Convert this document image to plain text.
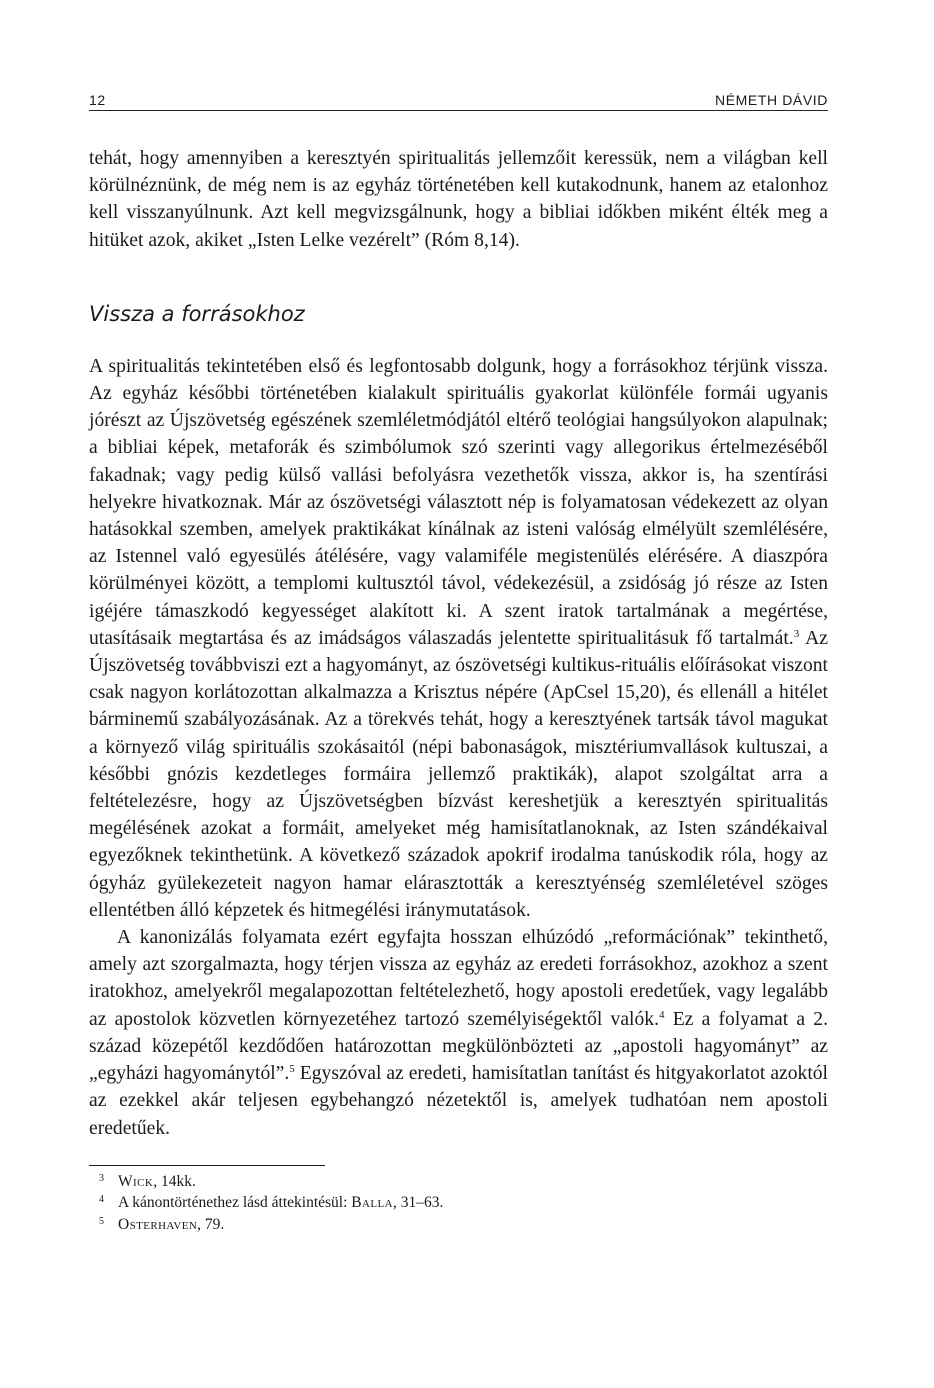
12	NÉMETH DÁVID

tehát, hogy amennyiben a keresztyén spiritualitás jellemzőit keressük, nem a világban kell körülnéznünk, de még nem is az egyház történetében kell kutakodnunk, hanem az etalonhoz kell visszanyúlnunk. Azt kell megvizsgálnunk, hogy a bibliai időkben miként élték meg a hitüket azok, akiket „Isten Lelke vezérelt” (Róm 8,14).

Vissza a forrásokhoz

A spiritualitás tekintetében első és legfontosabb dolgunk, hogy a forrásokhoz térjünk vissza. Az egyház későbbi történetében kialakult spirituális gyakorlat különféle formái ugyanis jórészt az Újszövetség egészének szemléletmódjától eltérő teológiai hangsúlyokon alapulnak; a bibliai képek, metaforák és szimbólumok szó szerinti vagy allegorikus értelmezéséből fakadnak; vagy pedig külső vallási befolyásra vezethetők vissza, akkor is, ha szentírási helyekre hivatkoznak. Már az ószövetségi választott nép is folyamatosan védekezett az olyan hatásokkal szemben, amelyek praktikákat kínálnak az isteni valóság elmélyült szemlélésére, az Istennel való egyesülés átélésére, vagy valamiféle megistenülés elérésére. A diaszpóra körülményei között, a templomi kultusztól távol, védekezésül, a zsidóság jó része az Isten igéjére támaszkodó kegyességet alakított ki. A szent iratok tartalmának a megértése, utasításaik megtartása és az imádságos válaszadás jelentette spiritualitásuk fő tartalmát.$^3$ Az Újszövetség továbbviszi ezt a hagyományt, az ószövetségi kultikus-rituális előírásokat viszont csak nagyon korlátozottan alkalmazza a Krisztus népére (ApCsel 15,20), és ellenáll a hitélet bárminemű szabályozásának. Az a törekvés tehát, hogy a keresztyének tartsák távol magukat a környező világ spirituális szokásaitól (népi babonaságok, misztériumvallások kultuszai, a későbbi gnózis kezdetleges formáira jellemző praktikák), alapot szolgáltat arra a feltételezésre, hogy az Újszövetségben bízvást kereshetjük a keresztyén spiritualitás megélésének azokat a formáit, amelyeket még hamisítatlanoknak, az Isten szándékaival egyezőknek tekinthetünk. A következő századok apokrif irodalma tanúskodik róla, hogy az ógyház gyülekezeteit nagyon hamar elárasztották a keresztyénség szemléletével szöges ellentétben álló képzetek és hitmegélési iránymutatások.

A kanonizálás folyamata ezért egyfajta hosszan elhúzódó „reformációnak” tekinthető, amely azt szorgalmazta, hogy térjen vissza az egyház az eredeti forrásokhoz, azokhoz a szent iratokhoz, amelyekről megalapozottan feltételezhető, hogy apostoli eredetűek, vagy legalább az apostolok közvetlen környezetéhez tartozó személyiségektől valók.$^4$ Ez a folyamat a 2. század közepétől kezdődően határozottan megkülönbözteti az „apostoli hagyományt” az „egyházi hagyománytól”.$^5$ Egyszóval az eredeti, hamisítatlan tanítást és hitgyakorlatot azoktól az ezekkel akár teljesen egybehangzó nézetektől is, amelyek tudhatóan nem apostoli eredetűek.

3 Wick, 14kk.
4 A kánontörténethez lásd áttekintésül: Balla, 31–63.
5 Osterhaven, 79.
